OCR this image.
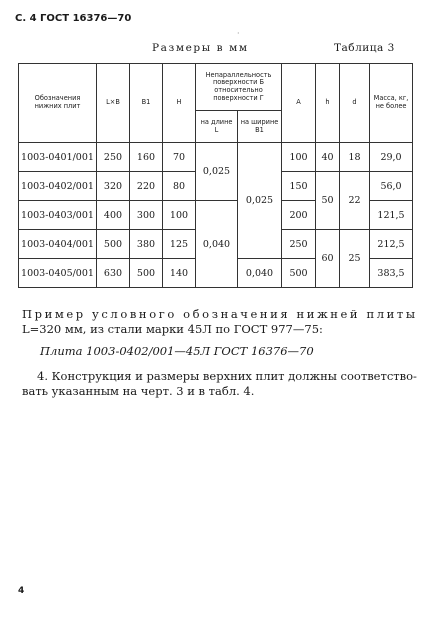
С. 4 ГОСТ 16376—70
·
Размеры в мм	Таблица 3
Обозначения нижних плит	L×B	B1	H	Непараллельность поверхности Б относительно поверхности Г		A	h	d	Масса, кг, не более
				на длине L	на ширине B1				
1003-0401/001	250	160	70	0,025	0,025	100	40	18	29,0
1003-0402/001	320	220	80			150	50	22	56,0
1003-0403/001	400	300	100	0,040		200			121,5
1003-0404/001	500	380	125			250	60	25	212,5
1003-0405/001	630	500	140		0,040	500			383,5
Пример условного обозначения нижней плиты
L=320 мм, из стали марки 45Л по ГОСТ 977—75:
Плита 1003-0402/001—45Л ГОСТ 16376—70
4. Конструкция и размеры верхних плит должны соответство-
вать указанным на черт. 3 и в табл. 4.
4
